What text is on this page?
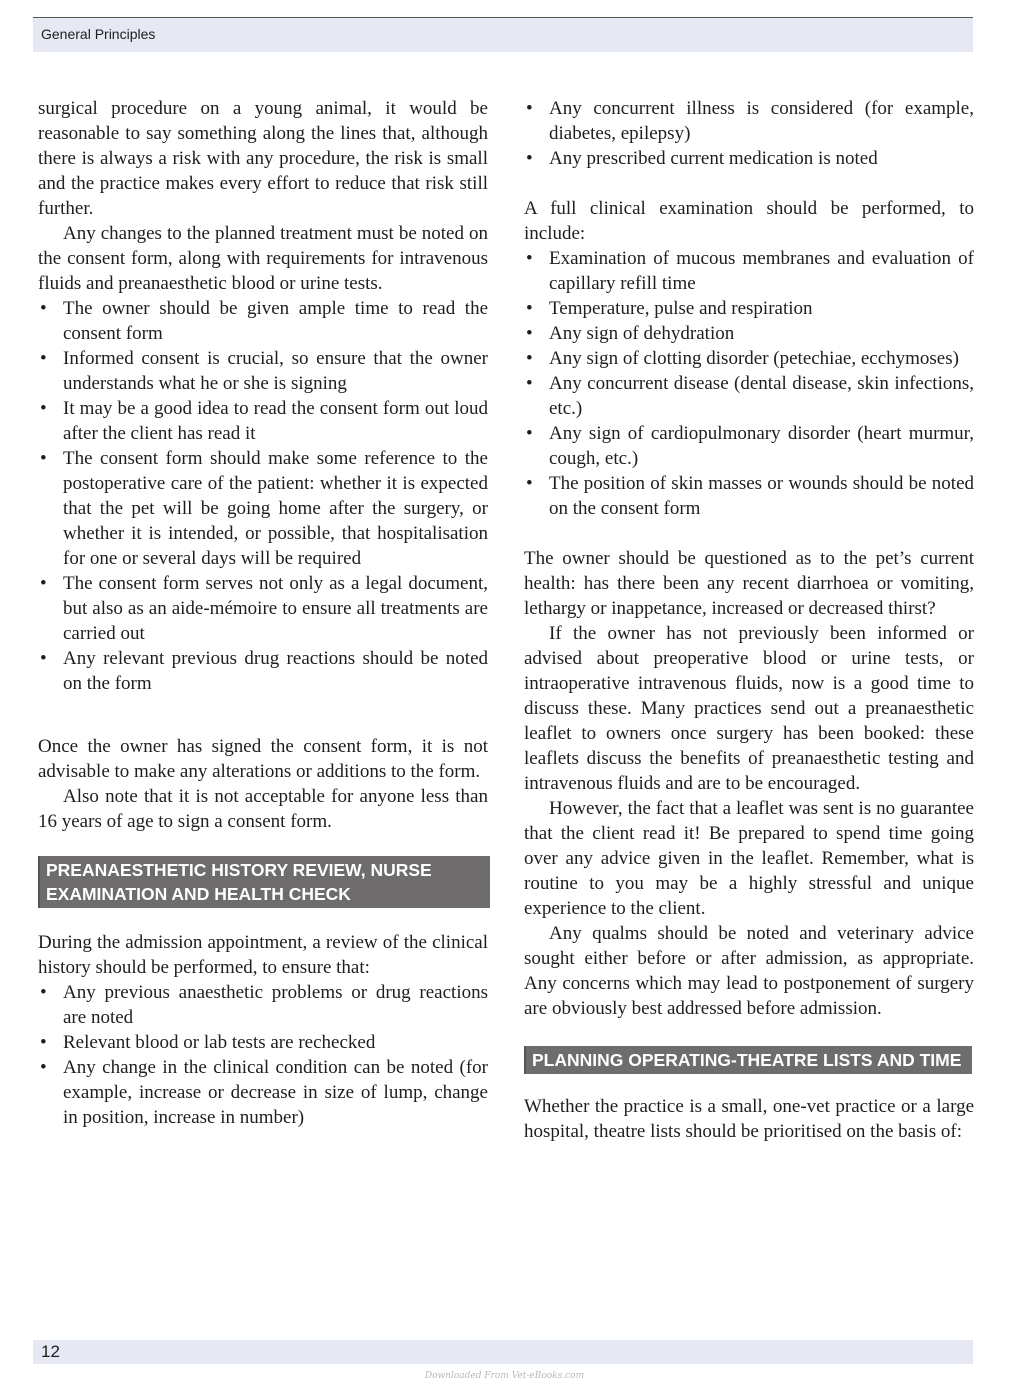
General Principles

surgical procedure on a young animal, it would be reasonable to say something along the lines that, although there is always a risk with any procedure, the risk is small and the practice makes every effort to reduce that risk still further.

Any changes to the planned treatment must be noted on the consent form, along with requirements for intravenous fluids and preanaesthetic blood or urine tests.

• The owner should be given ample time to read the consent form
• Informed consent is crucial, so ensure that the owner understands what he or she is signing
• It may be a good idea to read the consent form out loud after the client has read it
• The consent form should make some reference to the postoperative care of the patient: whether it is expected that the pet will be going home after the surgery, or whether it is intended, or possible, that hospitalisation for one or several days will be required
• The consent form serves not only as a legal document, but also as an aide-mémoire to ensure all treatments are carried out
• Any relevant previous drug reactions should be noted on the form

Once the owner has signed the consent form, it is not advisable to make any alterations or additions to the form.

Also note that it is not acceptable for anyone less than 16 years of age to sign a consent form.

PREANAESTHETIC HISTORY REVIEW, NURSE EXAMINATION AND HEALTH CHECK

During the admission appointment, a review of the clinical history should be performed, to ensure that:

• Any previous anaesthetic problems or drug reactions are noted
• Relevant blood or lab tests are rechecked
• Any change in the clinical condition can be noted (for example, increase or decrease in size of lump, change in position, increase in number)
• Any concurrent illness is considered (for example, diabetes, epilepsy)
• Any prescribed current medication is noted

A full clinical examination should be performed, to include:

• Examination of mucous membranes and evaluation of capillary refill time
• Temperature, pulse and respiration
• Any sign of dehydration
• Any sign of clotting disorder (petechiae, ecchymoses)
• Any concurrent disease (dental disease, skin infections, etc.)
• Any sign of cardiopulmonary disorder (heart murmur, cough, etc.)
• The position of skin masses or wounds should be noted on the consent form

The owner should be questioned as to the pet’s current health: has there been any recent diarrhoea or vomiting, lethargy or inappetance, increased or decreased thirst?

If the owner has not previously been informed or advised about preoperative blood or urine tests, or intraoperative intravenous fluids, now is a good time to discuss these. Many practices send out a preanaesthetic leaflet to owners once surgery has been booked: these leaflets discuss the benefits of preanaesthetic testing and intravenous fluids and are to be encouraged.

However, the fact that a leaflet was sent is no guarantee that the client read it! Be prepared to spend time going over any advice given in the leaflet. Remember, what is routine to you may be a highly stressful and unique experience to the client.

Any qualms should be noted and veterinary advice sought either before or after admission, as appropriate. Any concerns which may lead to postponement of surgery are obviously best addressed before admission.

PLANNING OPERATING-THEATRE LISTS AND TIME

Whether the practice is a small, one-vet practice or a large hospital, theatre lists should be prioritised on the basis of:

12
Downloaded From Vet-eBooks.com
